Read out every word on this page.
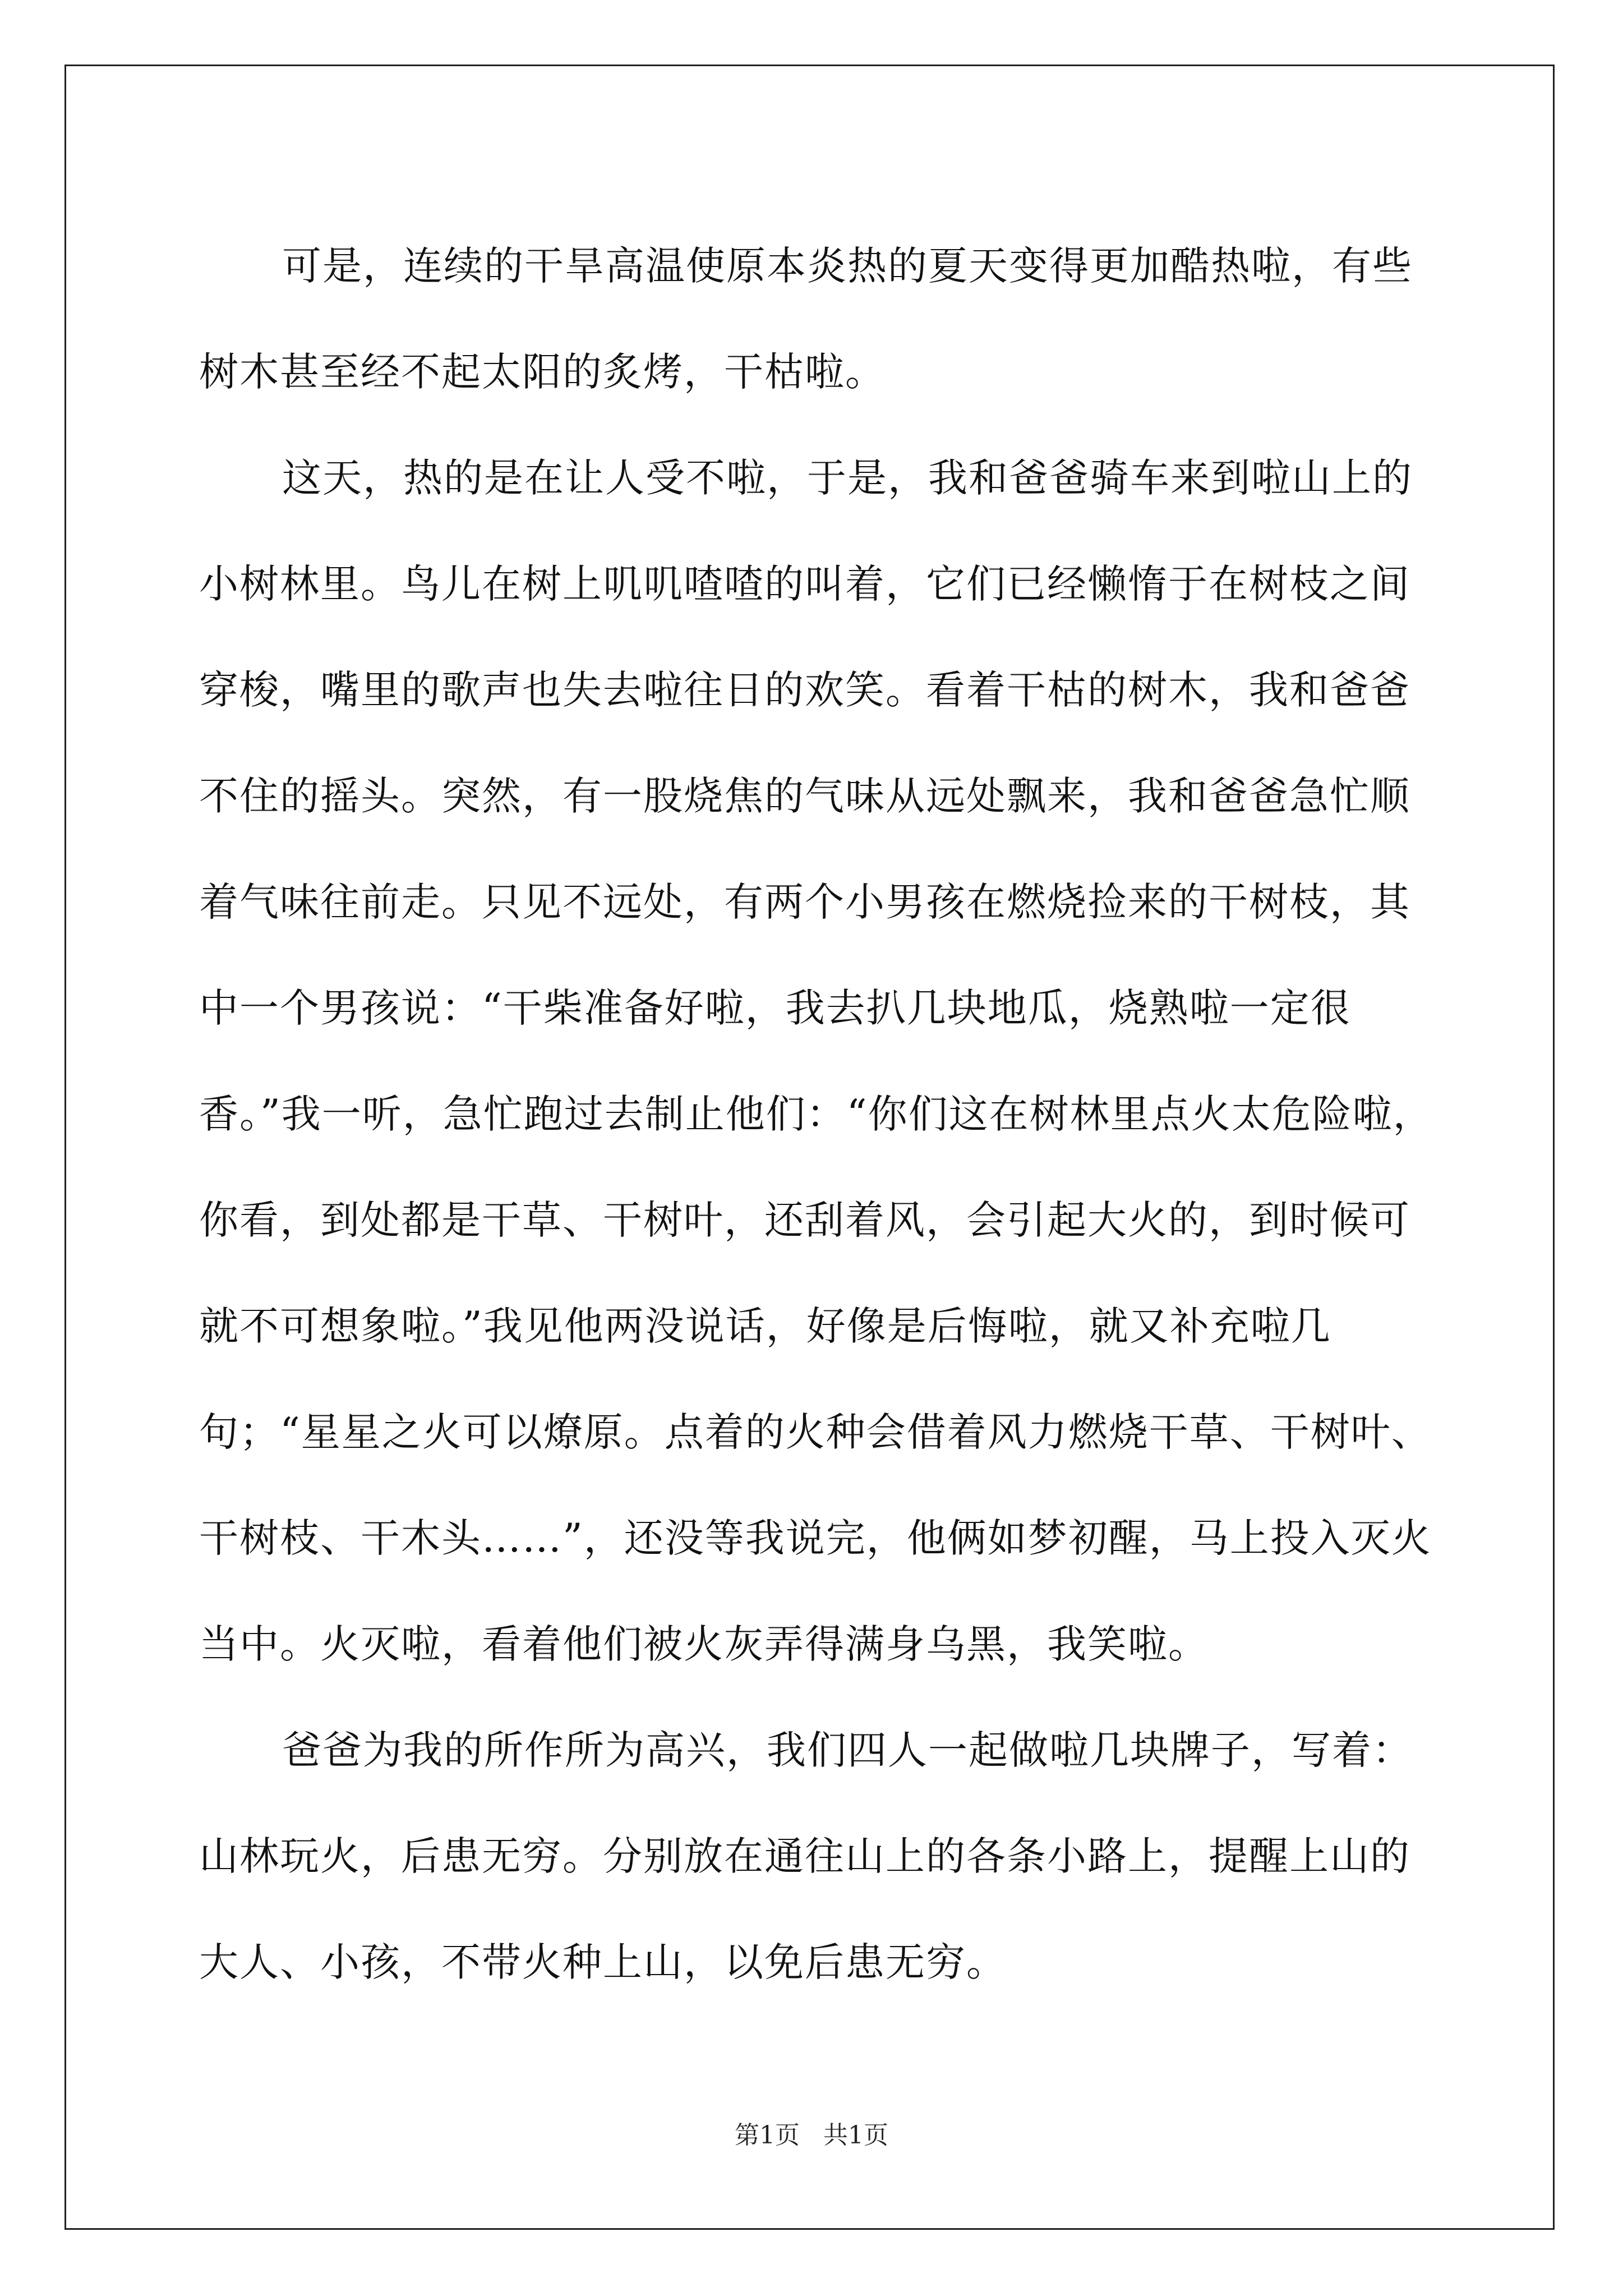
可是，连续的干旱高温使原本炎热的夏天变得更加酷热啦，有些树木甚至经不起太阳的炙烤，干枯啦。

这天，热的是在让人受不啦，于是，我和爸爸骑车来到啦山上的小树林里。鸟儿在树上叽叽喳喳的叫着，它们已经懒惰于在树枝之间穿梭，嘴里的歌声也失去啦往日的欢笑。看着干枯的树木，我和爸爸不住的摇头。突然，有一股烧焦的气味从远处飘来，我和爸爸急忙顺着气味往前走。只见不远处，有两个小男孩在燃烧捡来的干树枝，其中一个男孩说：“干柴准备好啦，我去扒几块地瓜，烧熟啦一定很香。”我一听，急忙跑过去制止他们：“你们这在树林里点火太危险啦，你看，到处都是干草、干树叶，还刮着风，会引起大火的，到时候可就不可想象啦。”我见他两没说话，好像是后悔啦，就又补充啦几句；“星星之火可以燎原。点着的火种会借着风力燃烧干草、干树叶、干树枝、干木头……”，还没等我说完，他俩如梦初醒，马上投入灭火当中。火灭啦，看着他们被火灰弄得满身乌黑，我笑啦。

爸爸为我的所作所为高兴，我们四人一起做啦几块牌子，写着：山林玩火，后患无穷。分别放在通往山上的各条小路上，提醒上山的大人、小孩，不带火种上山，以免后患无穷。

第1页   共1页
